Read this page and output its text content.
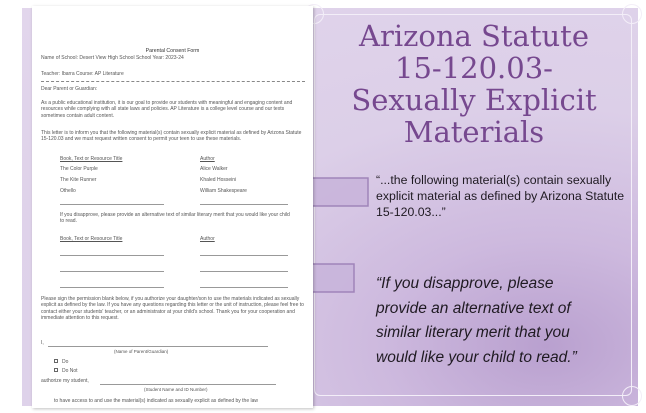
Arizona Statute
15-120.03-
Sexually Explicit
Materials
“...the following material(s) contain sexually explicit material as defined by Arizona Statute 15-120.03...”
“If you disapprove, please provide an alternative text of similar literary merit that you would like your child to read.”
Parental Consent Form
Name of School: Desert View High School School Year: 2023-24
Teacher: Ibarra Course: AP Literature
Dear Parent or Guardian:
As a public educational institution, it is our goal to provide our students with meaningful and engaging content and resources while complying with all state laws and policies. AP Literature is a college level course and our texts sometimes contain adult content.
This letter is to inform you that the following material(s) contain sexually explicit material as defined by Arizona Statute 15-120.03 and we must request written consent to permit your teen to use these materials.
Book, Text or Resource Title	Author
The Color Purple	Alice Walker
The Kite Runner	Khaled Hosseini
Othello	William Shakespeare
If you disapprove, please provide an alternative text of similar literary merit that you would like your child to read.
Book, Text or Resource Title	Author
Please sign the permission blank below, if you authorize your daughter/son to use the materials indicated as sexually explicit as defined by the law. If you have any questions regarding this letter or the unit of instruction, please feel free to contact either your students' teacher, or an administrator at your child's school. Thank you for your cooperation and immediate attention to this request.
I,
(Name of Parent/Guardian)
Do
Do Not
authorize my student,
(Student Name and ID Number)
to have access to and use the material(s) indicated as sexually explicit as defined by the law
